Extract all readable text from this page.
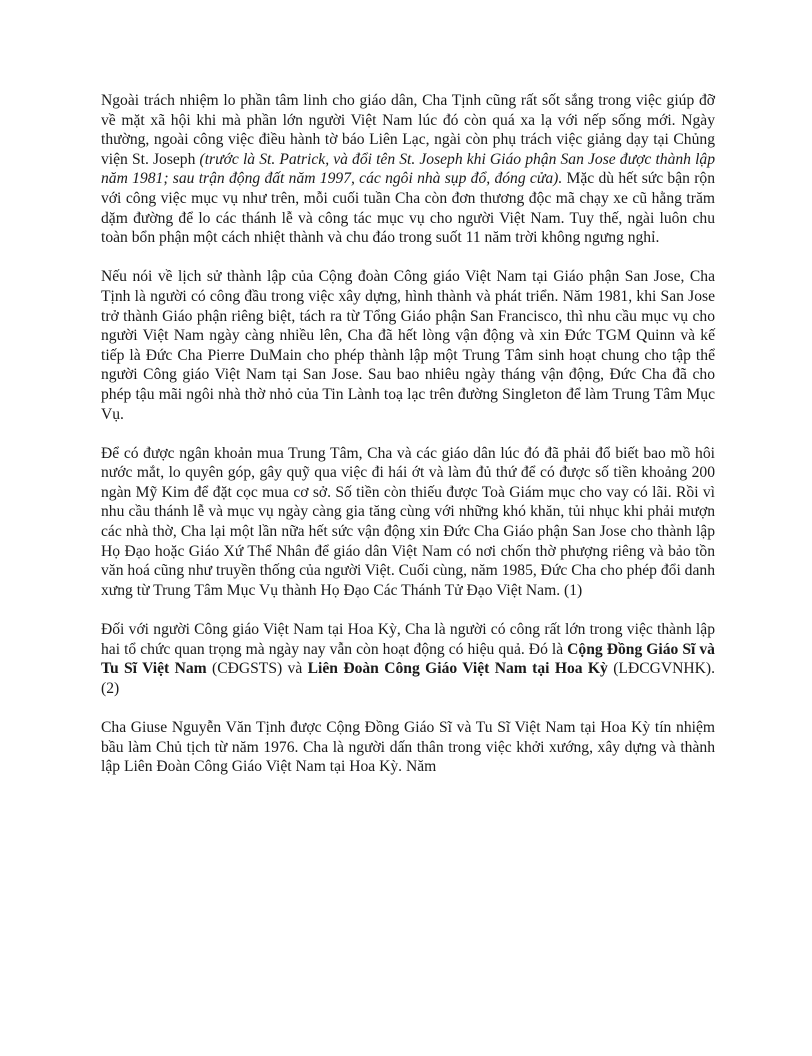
Ngoài trách nhiệm lo phần tâm linh cho giáo dân, Cha Tịnh cũng rất sốt sắng trong việc giúp đỡ về mặt xã hội khi mà phần lớn người Việt Nam lúc đó còn quá xa lạ với nếp sống mới. Ngày thường, ngoài công việc điều hành tờ báo Liên Lạc, ngài còn phụ trách việc giảng dạy tại Chủng viện St. Joseph (trước là St. Patrick, và đổi tên St. Joseph khi Giáo phận San Jose được thành lập năm 1981; sau trận động đất năm 1997, các ngôi nhà sụp đổ, đóng cửa). Mặc dù hết sức bận rộn với công việc mục vụ như trên, mỗi cuối tuần Cha còn đơn thương độc mã chạy xe cũ hằng trăm dặm đường để lo các thánh lễ và công tác mục vụ cho người Việt Nam. Tuy thế, ngài luôn chu toàn bổn phận một cách nhiệt thành và chu đáo trong suốt 11 năm trời không ngưng nghỉ.

Nếu nói về lịch sử thành lập của Cộng đoàn Công giáo Việt Nam tại Giáo phận San Jose, Cha Tịnh là người có công đầu trong việc xây dựng, hình thành và phát triển. Năm 1981, khi San Jose trở thành Giáo phận riêng biệt, tách ra từ Tổng Giáo phận San Francisco, thì nhu cầu mục vụ cho người Việt Nam ngày càng nhiều lên, Cha đã hết lòng vận động và xin Đức TGM Quinn và kế tiếp là Đức Cha Pierre DuMain cho phép thành lập một Trung Tâm sinh hoạt chung cho tập thể người Công giáo Việt Nam tại San Jose. Sau bao nhiêu ngày tháng vận động, Đức Cha đã cho phép tậu mãi ngôi nhà thờ nhỏ của Tin Lành toạ lạc trên đường Singleton để làm Trung Tâm Mục Vụ.

Để có được ngân khoản mua Trung Tâm, Cha và các giáo dân lúc đó đã phải đổ biết bao mồ hôi nước mắt, lo quyên góp, gây quỹ qua việc đi hái ớt và làm đủ thứ để có được số tiền khoảng 200 ngàn Mỹ Kim để đặt cọc mua cơ sở. Số tiền còn thiếu được Toà Giám mục cho vay có lãi. Rồi vì nhu cầu thánh lễ và mục vụ ngày càng gia tăng cùng với những khó khăn, tủi nhục khi phải mượn các nhà thờ, Cha lại một lần nữa hết sức vận động xin Đức Cha Giáo phận San Jose cho thành lập Họ Đạo hoặc Giáo Xứ Thể Nhân để giáo dân Việt Nam có nơi chốn thờ phượng riêng và bảo tồn văn hoá cũng như truyền thống của người Việt. Cuối cùng, năm 1985, Đức Cha cho phép đổi danh xưng từ Trung Tâm Mục Vụ thành Họ Đạo Các Thánh Tử Đạo Việt Nam. (1)

Đối với người Công giáo Việt Nam tại Hoa Kỳ, Cha là người có công rất lớn trong việc thành lập hai tổ chức quan trọng mà ngày nay vẫn còn hoạt động có hiệu quả. Đó là Cộng Đồng Giáo Sĩ và Tu Sĩ Việt Nam (CĐGSTS) và Liên Đoàn Công Giáo Việt Nam tại Hoa Kỳ (LĐCGVNHK). (2)

Cha Giuse Nguyễn Văn Tịnh được Cộng Đồng Giáo Sĩ và Tu Sĩ Việt Nam tại Hoa Kỳ tín nhiệm bầu làm Chủ tịch từ năm 1976. Cha là người dấn thân trong việc khởi xướng, xây dựng và thành lập Liên Đoàn Công Giáo Việt Nam tại Hoa Kỳ. Năm
